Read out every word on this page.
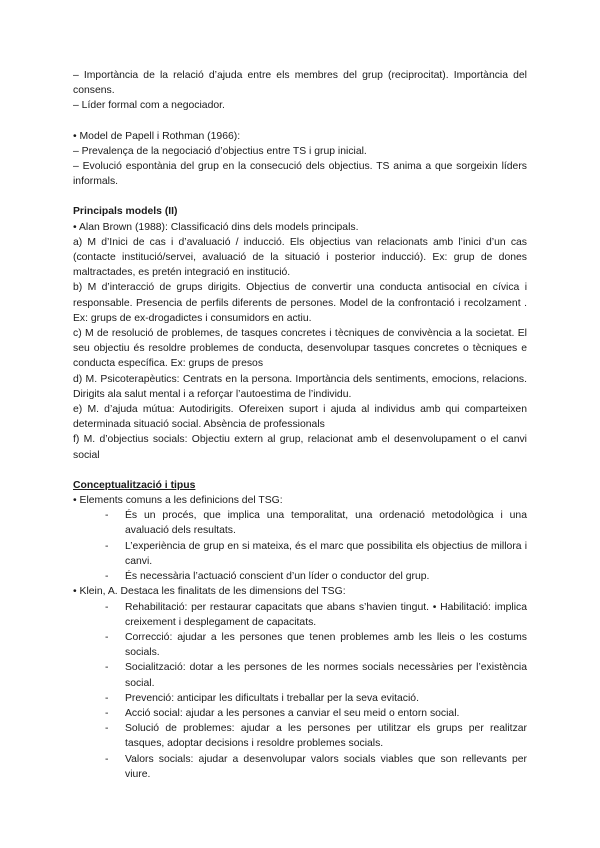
– Importància de la relació d’ajuda entre els membres del grup (reciprocitat). Importància del consens.

– Líder formal com a negociador.

• Model de Papell i Rothman (1966):

– Prevalença de la negociació d’objectius entre TS i grup inicial.

– Evolució espontània del grup en la consecució dels objectius. TS anima a que sorgeixin líders informals.

Principals models (II)

• Alan Brown (1988): Classificació dins dels models principals.

a) M d’Inici de cas i d’avaluació / inducció. Els objectius van relacionats amb l’inici d’un cas (contacte institució/servei, avaluació de la situació i posterior inducció). Ex: grup de dones maltractades, es pretén integració en institució.

b) M d’interacció de grups dirigits. Objectius de convertir una conducta antisocial en cívica i responsable. Presencia de perfils diferents de persones. Model de la confrontació i recolzament . Ex: grups de ex-drogadictes i consumidors en actiu.

c) M de resolució de problemes, de tasques concretes i tècniques de convivència a la societat. El seu objectiu és resoldre problemes de conducta, desenvolupar tasques concretes o tècniques e conducta específica. Ex: grups de presos

d) M. Psicoterapèutics: Centrats en la persona. Importància dels sentiments, emocions, relacions. Dirigits ala salut mental i a reforçar l’autoestima de l’individu.

e) M. d’ajuda mútua: Autodirigits. Ofereixen suport i ajuda al individus amb qui comparteixen determinada situació social. Absència de professionals

f) M. d’objectius socials: Objectiu extern al grup, relacionat amb el desenvolupament o el canvi social

Conceptualització i tipus

• Elements comuns a les definicions del TSG:

- És un procés, que implica una temporalitat, una ordenació metodològica i una avaluació dels resultats.
- L’experiència de grup en si mateixa, és el marc que possibilita els objectius de millora i canvi.
- És necessària l’actuació conscient d’un líder o conductor del grup.

• Klein, A. Destaca les finalitats de les dimensions del TSG:

- Rehabilitació: per restaurar capacitats que abans s’havien tingut. • Habilitació: implica creixement i desplegament de capacitats.
- Correcció: ajudar a les persones que tenen problemes amb les lleis o les costums socials.
- Socialització: dotar a les persones de les normes socials necessàries per l’existència social.
- Prevenció: anticipar les dificultats i treballar per la seva evitació.
- Acció social: ajudar a les persones a canviar el seu meid o entorn social.
- Solució de problemes: ajudar a les persones per utilitzar els grups per realitzar tasques, adoptar decisions i resoldre problemes socials.
- Valors socials: ajudar a desenvolupar valors socials viables que son rellevants per viure.
